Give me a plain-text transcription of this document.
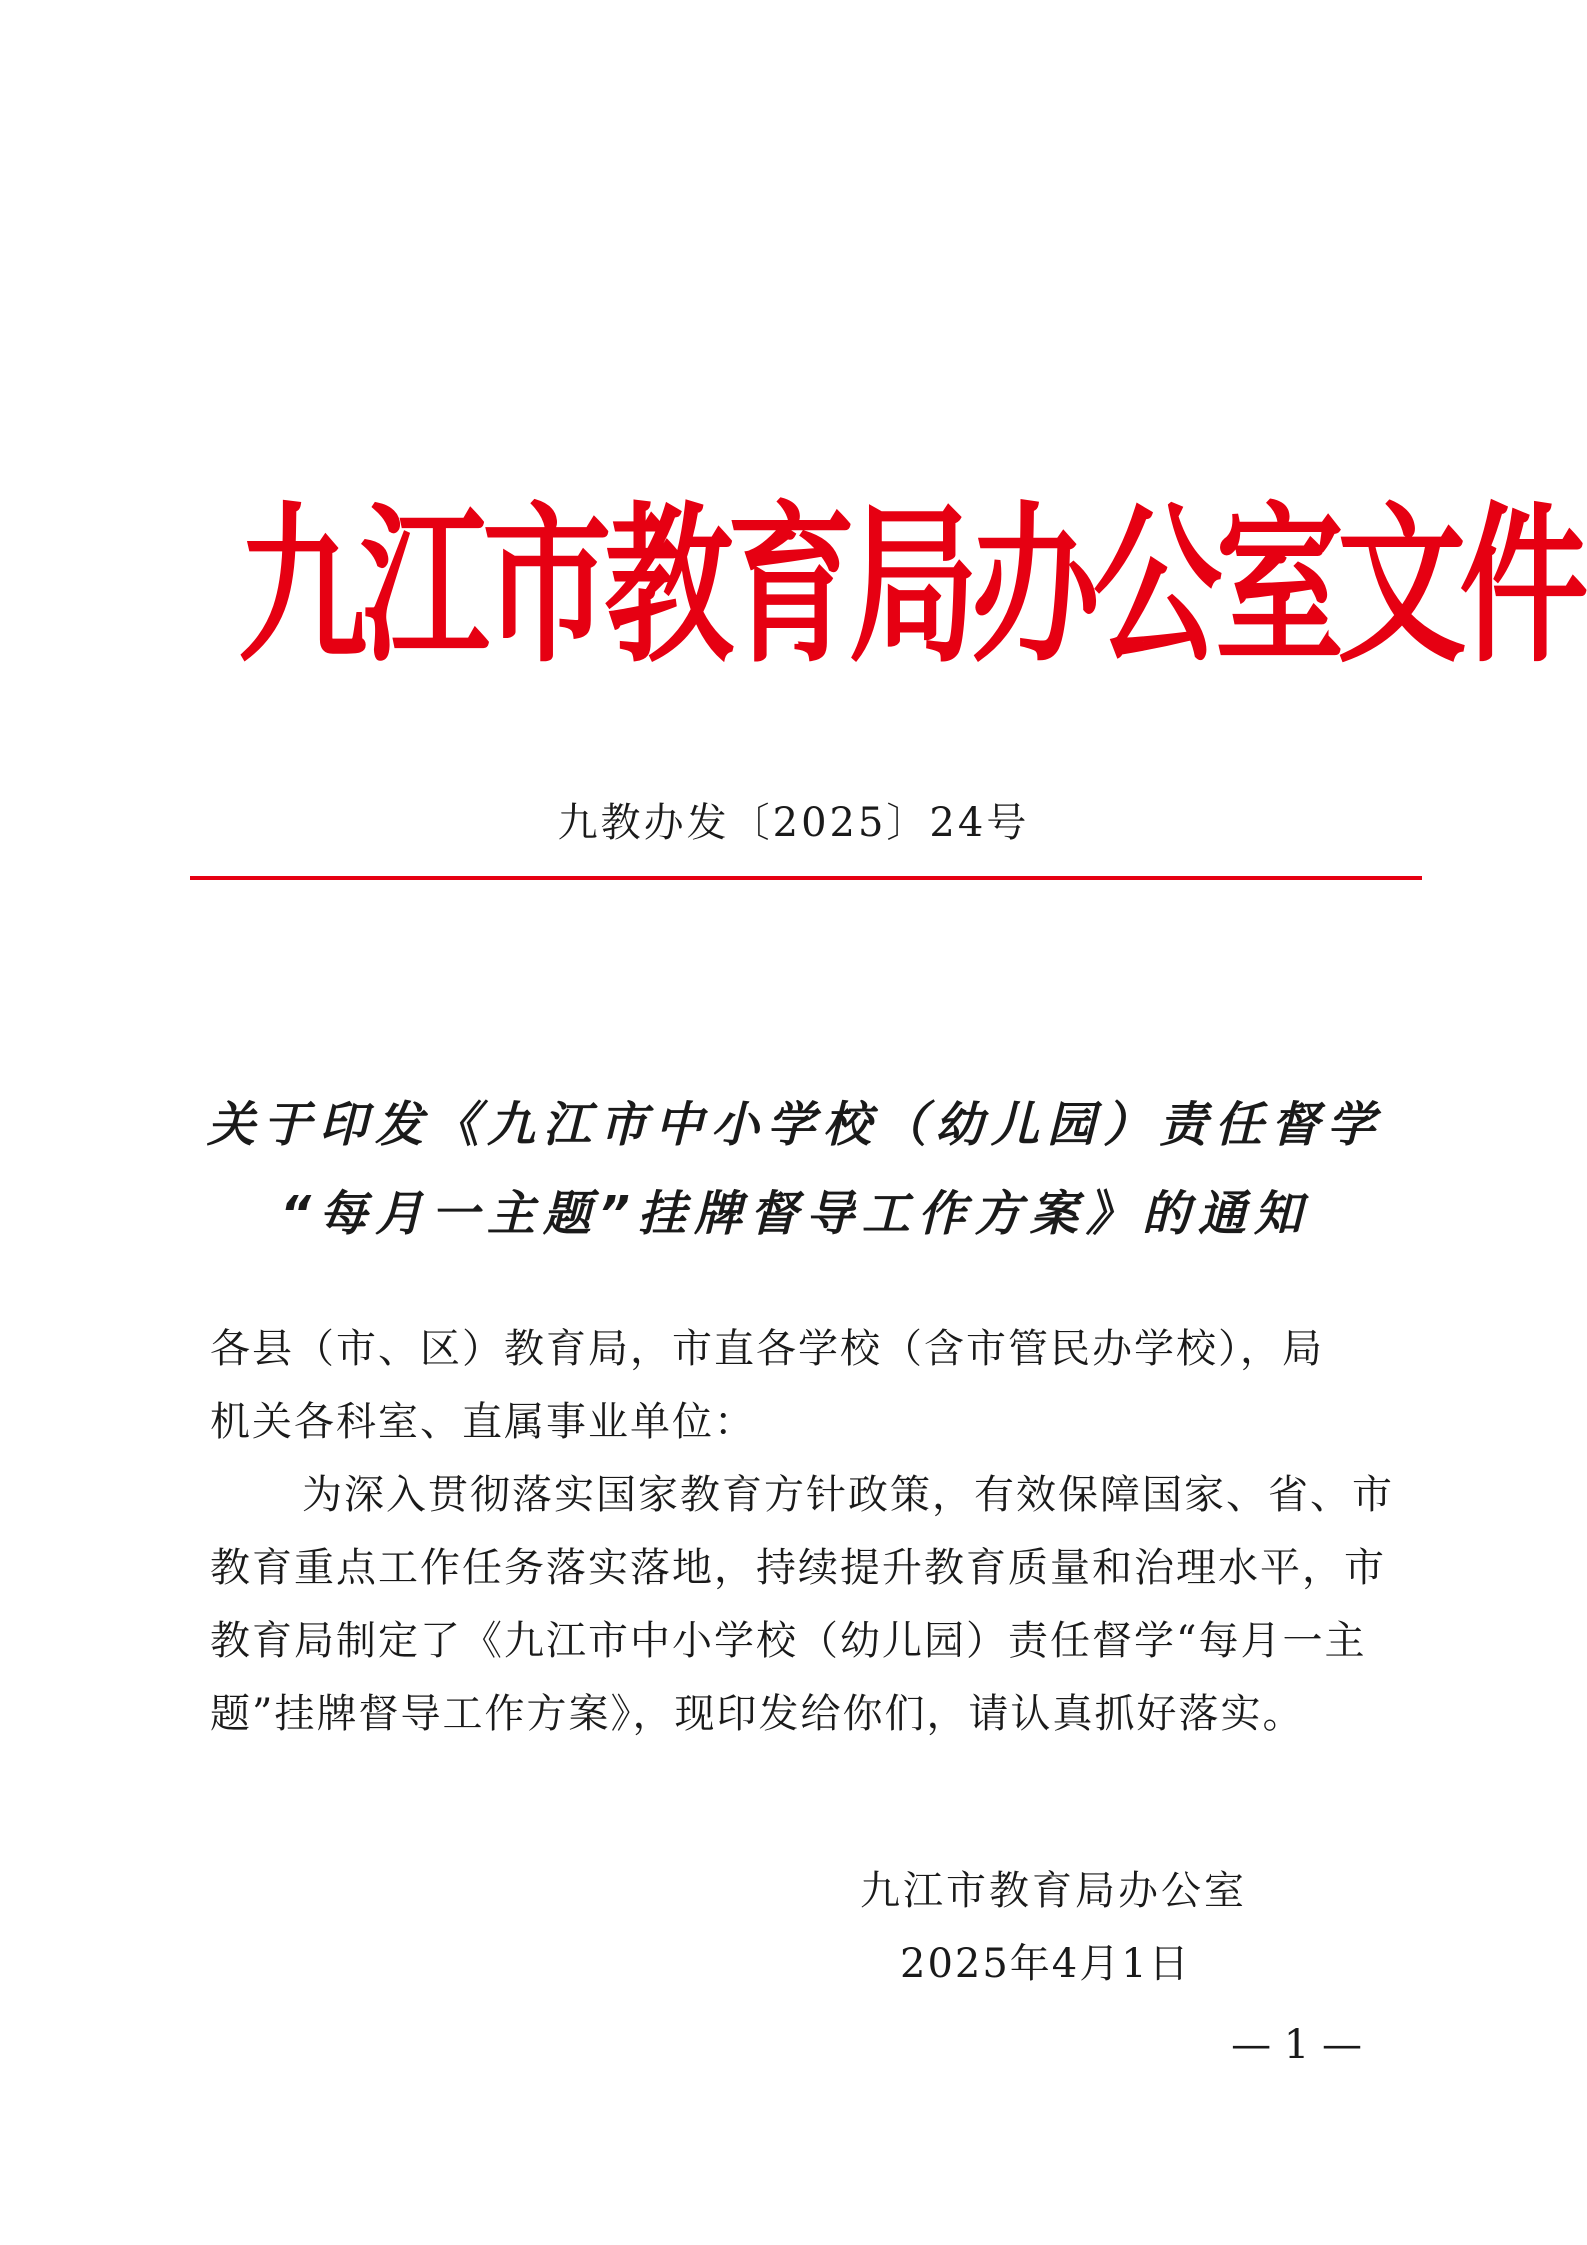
九江市教育局办公室文件
九教办发〔2025〕24号
关于印发《九江市中小学校（幼儿园）责任督学
“每月一主题”挂牌督导工作方案》的通知

各县（市、区）教育局，市直各学校（含市管民办学校），局

机关各科室、直属事业单位：

为深入贯彻落实国家教育方针政策，有效保障国家、省、市

教育重点工作任务落实落地，持续提升教育质量和治理水平，市

教育局制定了《九江市中小学校（幼儿园）责任督学“每月一主

题”挂牌督导工作方案》，现印发给你们，请认真抓好落实。

九江市教育局办公室
2025年4月1日
— 1 —
